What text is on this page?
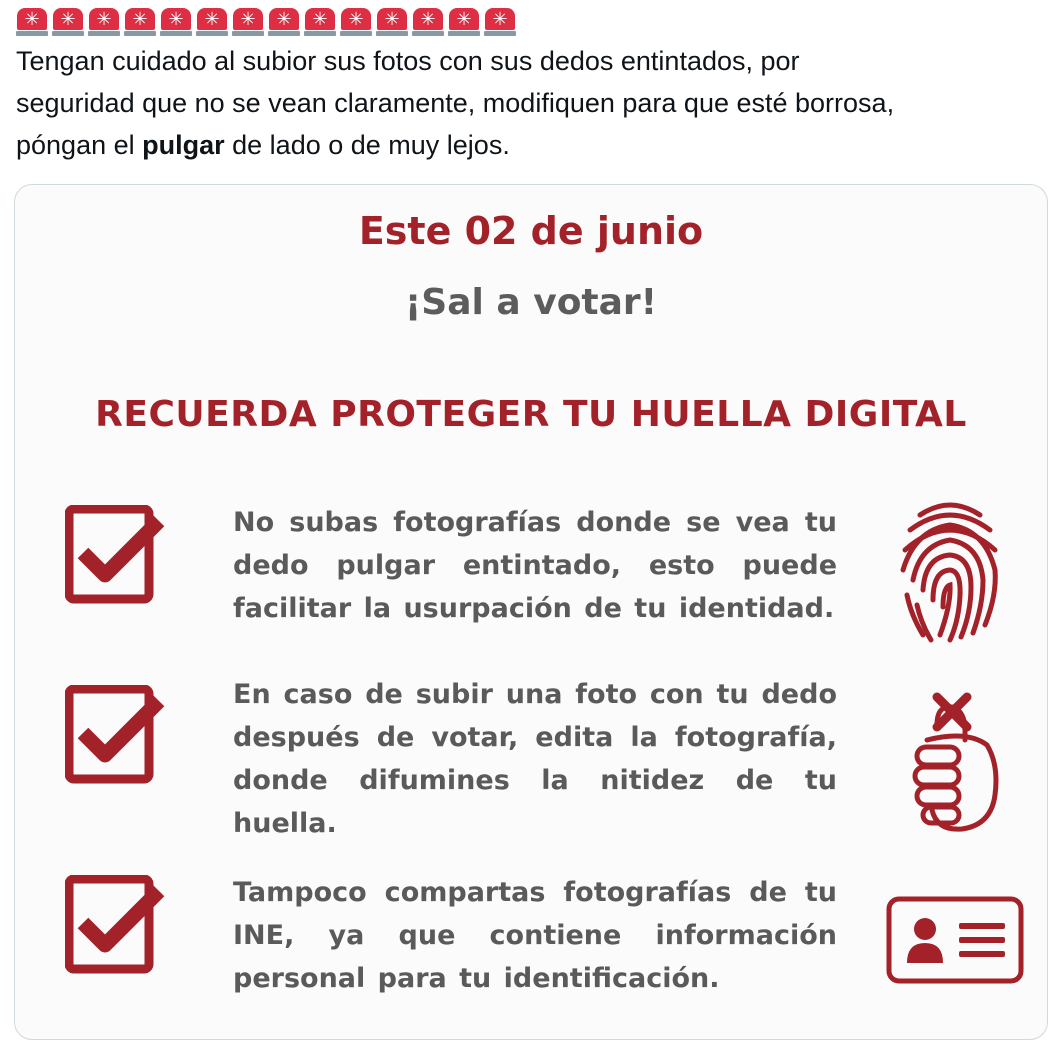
✳	✳	✳	✳	✳	✳	✳	✳	✳	✳	✳	✳	✳	✳

Tengan cuidado al subior sus fotos con sus dedos entintados, por
seguridad que no se vean claramente, modifiquen para que esté borrosa,
póngan el pulgar de lado o de muy lejos.

Este 02 de junio
¡Sal a votar!
RECUERDA PROTEGER TU HUELLA DIGITAL
No subas fotografías donde se vea tu dedo pulgar entintado, esto puede facilitar la usurpación de tu identidad.
En caso de subir una foto con tu dedo después de votar, edita la fotografía, donde difumines la nitidez de tu huella.
Tampoco compartas fotografías de tu INE, ya que contiene información personal para tu identificación.
